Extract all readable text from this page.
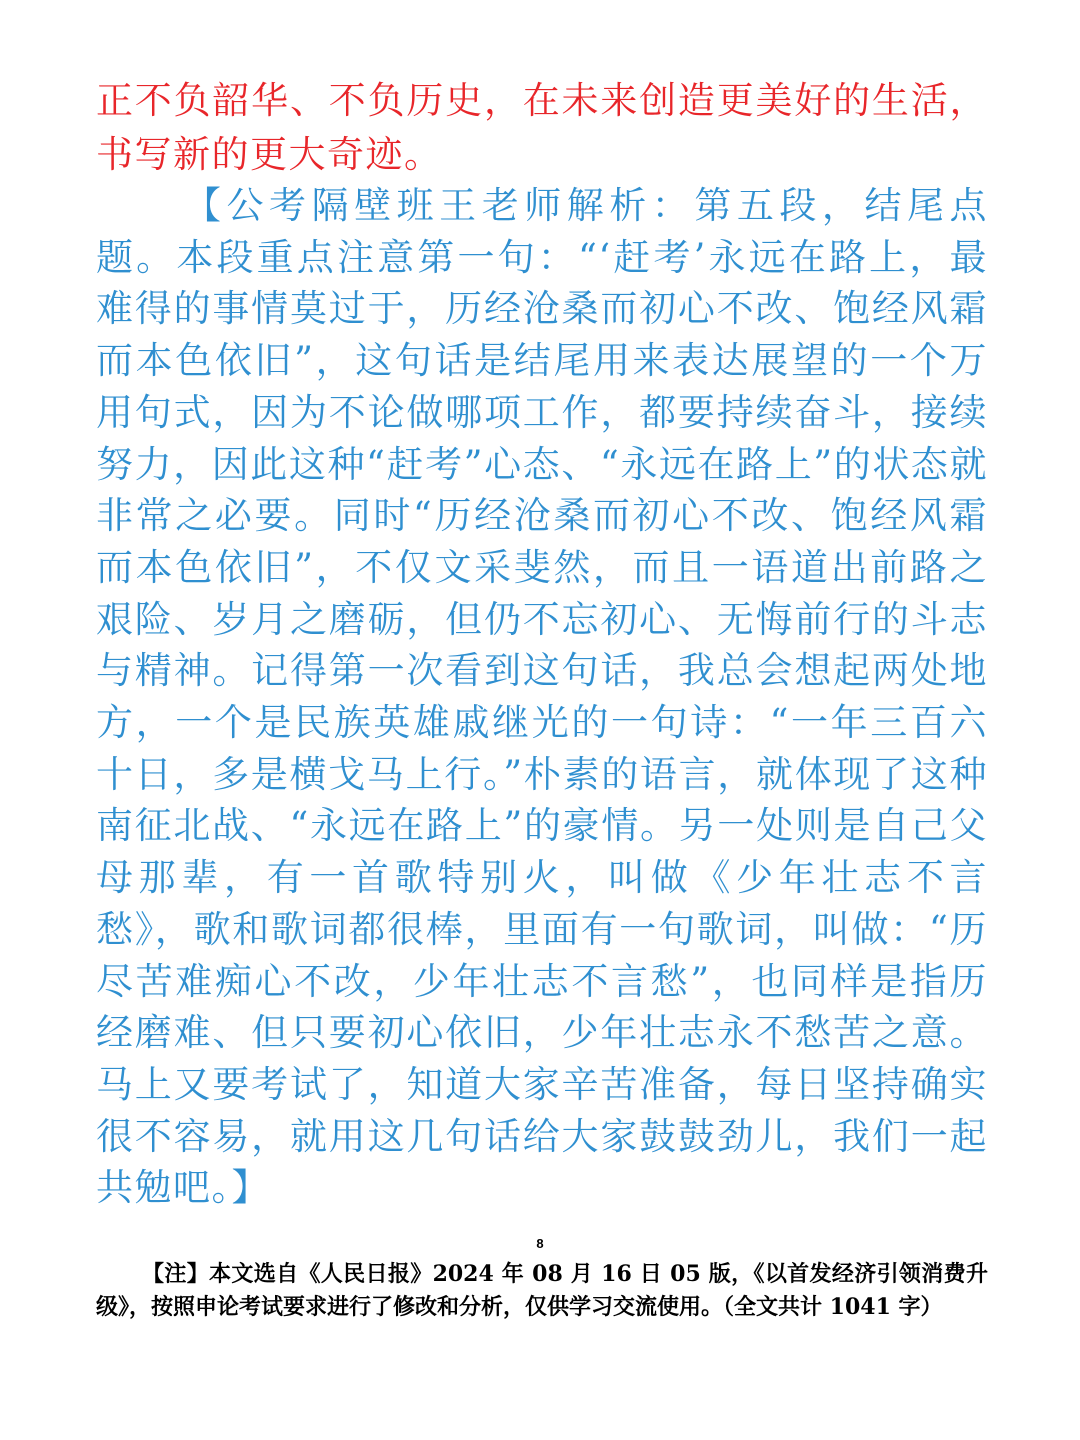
正不负韶华、不负历史，在未来创造更美好的生活，书写新的更大奇迹。

【公考隔壁班王老师解析：第五段，结尾点题。本段重点注意第一句：“‘赶考’永远在路上，最难得的事情莫过于，历经沧桑而初心不改、饱经风霜而本色依旧”，这句话是结尾用来表达展望的一个万用句式，因为不论做哪项工作，都要持续奋斗，接续努力，因此这种“赶考”心态、“永远在路上”的状态就非常之必要。同时“历经沧桑而初心不改、饱经风霜而本色依旧”，不仅文采斐然，而且一语道出前路之艰险、岁月之磨砺，但仍不忘初心、无悔前行的斗志与精神。记得第一次看到这句话，我总会想起两处地方，一个是民族英雄戚继光的一句诗：“一年三百六十日，多是横戈马上行。”朴素的语言，就体现了这种南征北战、“永远在路上”的豪情。另一处则是自己父母那辈，有一首歌特别火，叫做《少年壮志不言愁》，歌和歌词都很棒，里面有一句歌词，叫做：“历尽苦难痴心不改，少年壮志不言愁”，也同样是指历经磨难、但只要初心依旧，少年壮志永不愁苦之意。马上又要考试了，知道大家辛苦准备，每日坚持确实很不容易，就用这几句话给大家鼓鼓劲儿，我们一起共勉吧。】

8

【注】本文选自《人民日报》2024 年 08 月 16 日 05 版，《以首发经济引领消费升级》，按照申论考试要求进行了修改和分析，仅供学习交流使用。（全文共计 1041 字）
